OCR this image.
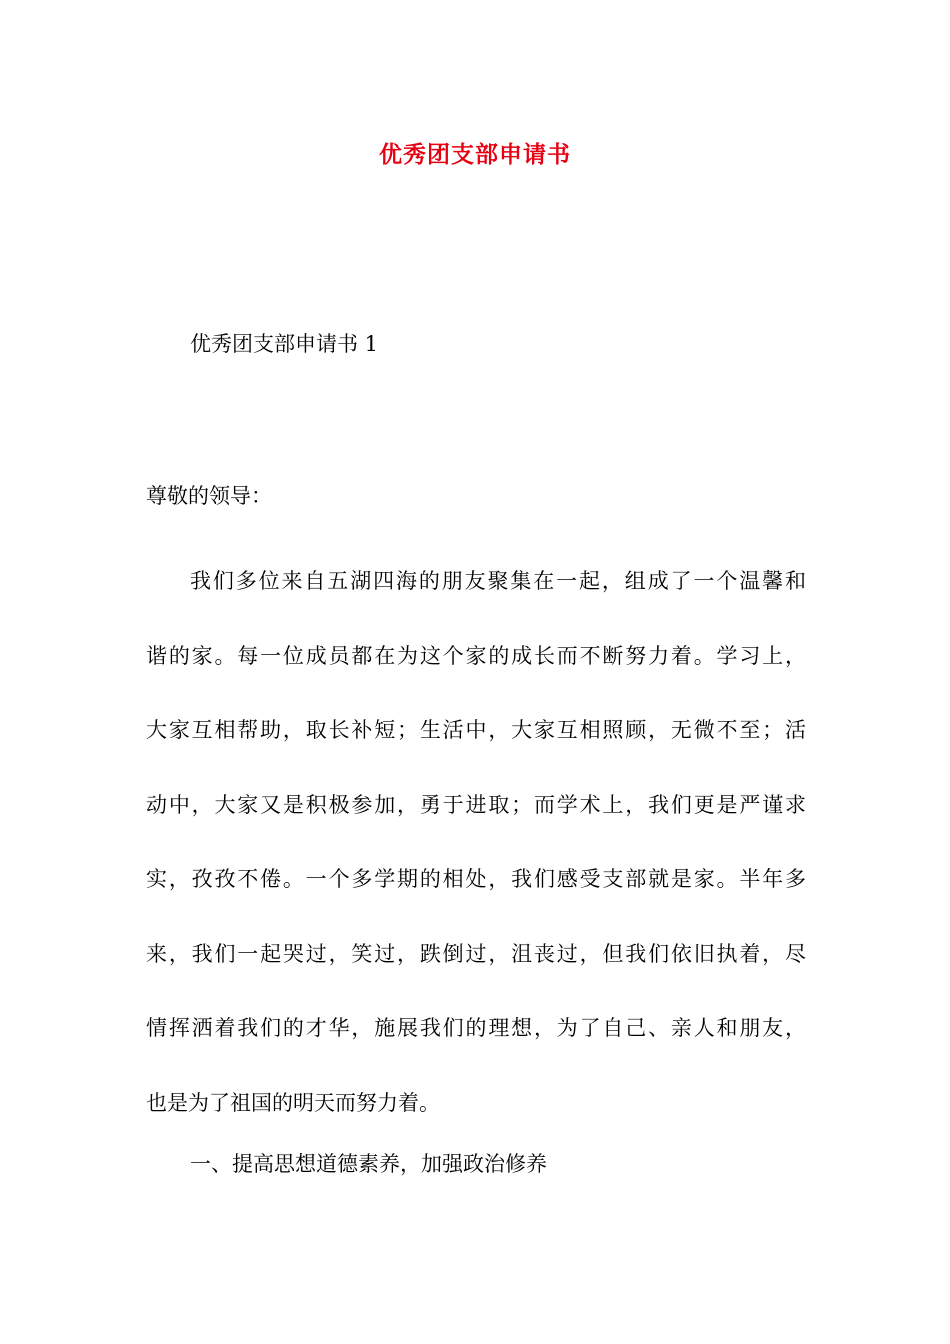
优秀团支部申请书
优秀团支部申请书 1
尊敬的领导：
我们多位来自五湖四海的朋友聚集在一起，组成了一个温馨和
谐的家。每一位成员都在为这个家的成长而不断努力着。学习上，
大家互相帮助，取长补短；生活中，大家互相照顾，无微不至；活
动中，大家又是积极参加，勇于进取；而学术上，我们更是严谨求
实，孜孜不倦。一个多学期的相处，我们感受支部就是家。半年多
来，我们一起哭过，笑过，跌倒过，沮丧过，但我们依旧执着，尽
情挥洒着我们的才华，施展我们的理想，为了自己、亲人和朋友，
也是为了祖国的明天而努力着。
一、提高思想道德素养，加强政治修养
